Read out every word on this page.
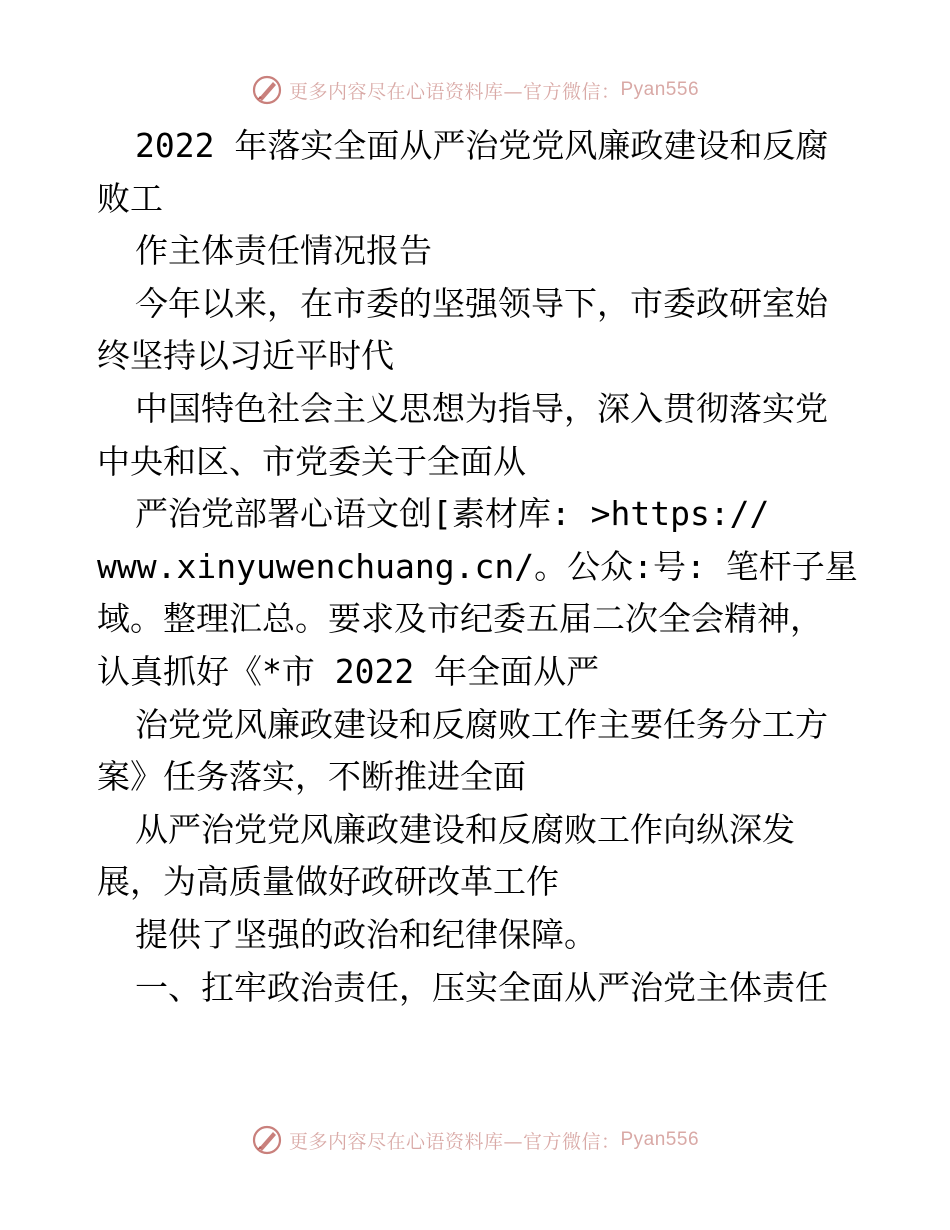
更多内容尽在心语资料库—官方微信： Pyan556
2022 年落实全面从严治党党风廉政建设和反腐
败工
作主体责任情况报告
今年以来，在市委的坚强领导下，市委政研室始
终坚持以习近平时代
中国特色社会主义思想为指导，深入贯彻落实党
中央和区、市党委关于全面从
严治党部署心语文创[素材库: >https://
www.xinyuwenchuang.cn/。公众:号: 笔杆子星
域。整理汇总。要求及市纪委五届二次全会精神，
认真抓好《*市 2022 年全面从严
治党党风廉政建设和反腐败工作主要任务分工方
案》任务落实，不断推进全面
从严治党党风廉政建设和反腐败工作向纵深发
展，为高质量做好政研改革工作
提供了坚强的政治和纪律保障。
一、扛牢政治责任，压实全面从严治党主体责任
更多内容尽在心语资料库—官方微信： Pyan556
